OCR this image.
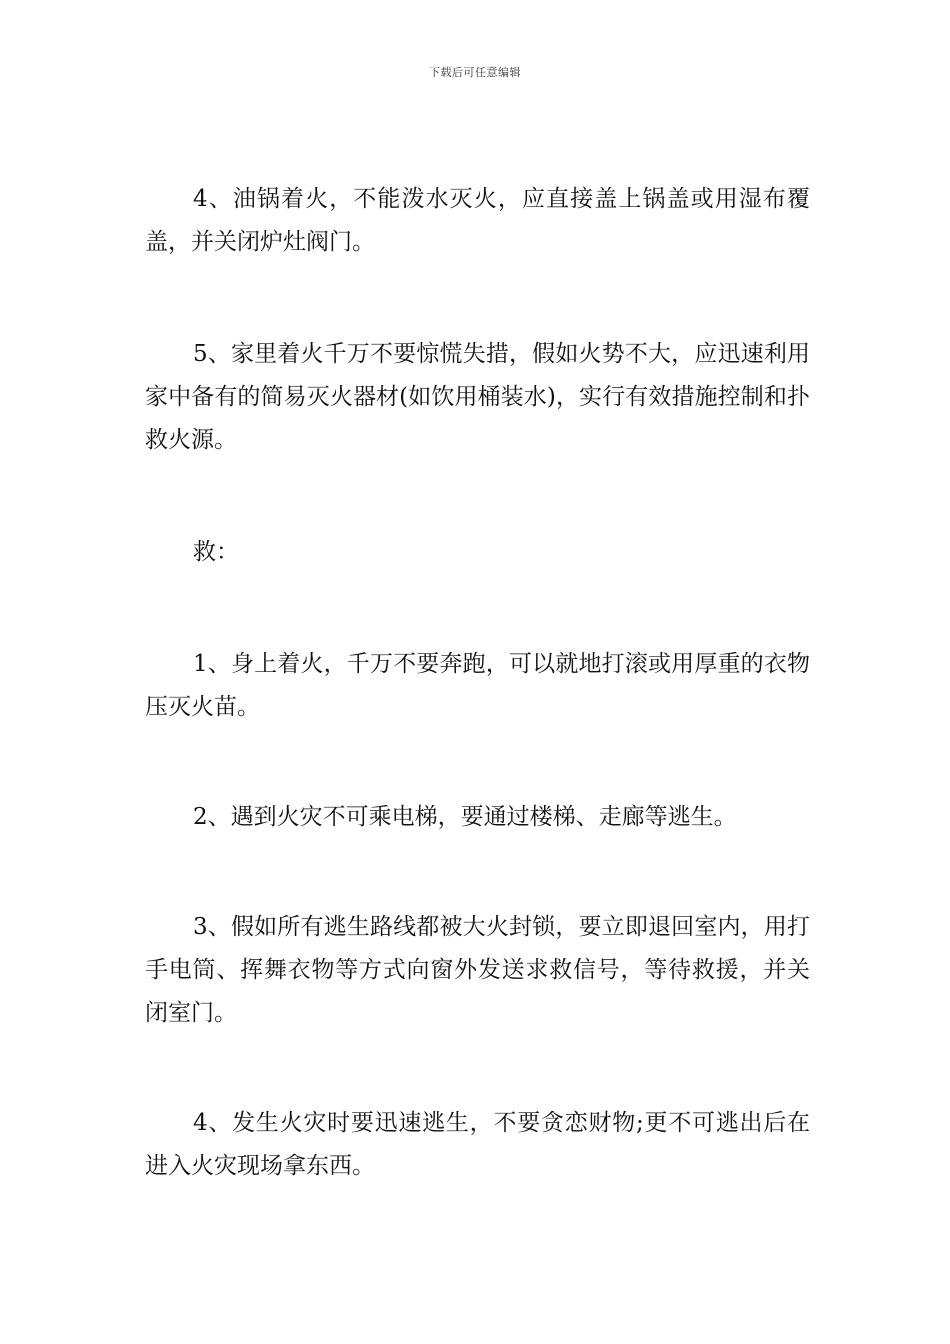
下载后可任意编辑

4、油锅着火，不能泼水灭火，应直接盖上锅盖或用湿布覆盖，并关闭炉灶阀门。

5、家里着火千万不要惊慌失措，假如火势不大，应迅速利用家中备有的简易灭火器材(如饮用桶装水)，实行有效措施控制和扑救火源。

救：

1、身上着火，千万不要奔跑，可以就地打滚或用厚重的衣物压灭火苗。

2、遇到火灾不可乘电梯，要通过楼梯、走廊等逃生。

3、假如所有逃生路线都被大火封锁，要立即退回室内，用打手电筒、挥舞衣物等方式向窗外发送求救信号，等待救援，并关闭室门。

4、发生火灾时要迅速逃生，不要贪恋财物;更不可逃出后在进入火灾现场拿东西。
